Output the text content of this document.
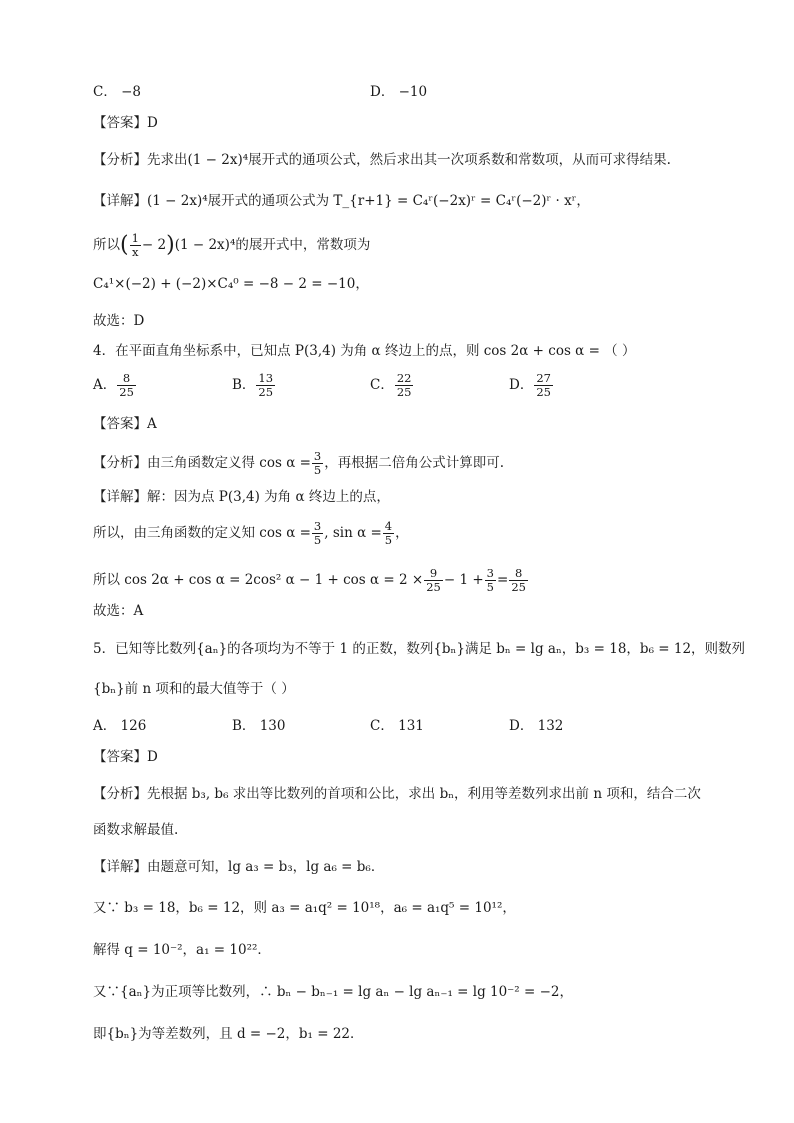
C． −8	D． −10
【答案】D
【分析】先求出(1 − 2x)⁴展开式的通项公式，然后求出其一次项系数和常数项，从而可求得结果.
【详解】(1 − 2x)⁴展开式的通项公式为 T_{r+1} = C₄ʳ(−2x)ʳ = C₄ʳ(−2)ʳ · xʳ，
所以( $\frac{1}{x} - 2)(1 - 2x)^4$的展开式中，常数项为
C₄¹×(−2) + (−2)×C₄⁰ = −8 − 2 = −10，
故选：D
4．在平面直角坐标系中，已知点 P(3,4) 为角 α 终边上的点，则 cos 2α + cos α = （ ）
A． $\frac{8}{25}$	B． $\frac{13}{25}$	C． $\frac{22}{25}$	D． $\frac{27}{25}$
【答案】A
【分析】由三角函数定义得 $\cos \alpha = \frac{3}{5}$ ，再根据二倍角公式计算即可.
【详解】解：因为点 P(3,4) 为角 α 终边上的点，
所以，由三角函数的定义知 $\cos \alpha = \frac{3}{5}$ , $\sin \alpha = \frac{4}{5}$ ，
所以 cos 2α + cos α = 2cos² $\alpha - 1 + \cos \alpha = 2 \times \frac{9}{25} - 1 + \frac{3}{5} = \frac{8}{25}$
故选：A
5．已知等比数列{aₙ}的各项均为不等于 1 的正数，数列{bₙ}满足 bₙ = lg aₙ，b₃ = 18，b₆ = 12，则数列
{bₙ}前 n 项和的最大值等于（ ）
A． 126	B． 130	C． 131	D． 132
【答案】D
【分析】先根据 b₃, b₆ 求出等比数列的首项和公比，求出 bₙ，利用等差数列求出前 n 项和，结合二次
函数求解最值.
【详解】由题意可知，lg a₃ = b₃，lg a₆ = b₆．
又∵ b₃ = 18，b₆ = 12，则 a₃ = a₁q² = 10¹⁸，a₆ = a₁q⁵ = 10¹²，
解得 q = 10⁻²，a₁ = 10²²．
又∵{aₙ}为正项等比数列，∴ bₙ − bₙ₋₁ = lg aₙ − lg aₙ₋₁ = lg 10⁻² = −2，
即{bₙ}为等差数列，且 d = −2，b₁ = 22．
